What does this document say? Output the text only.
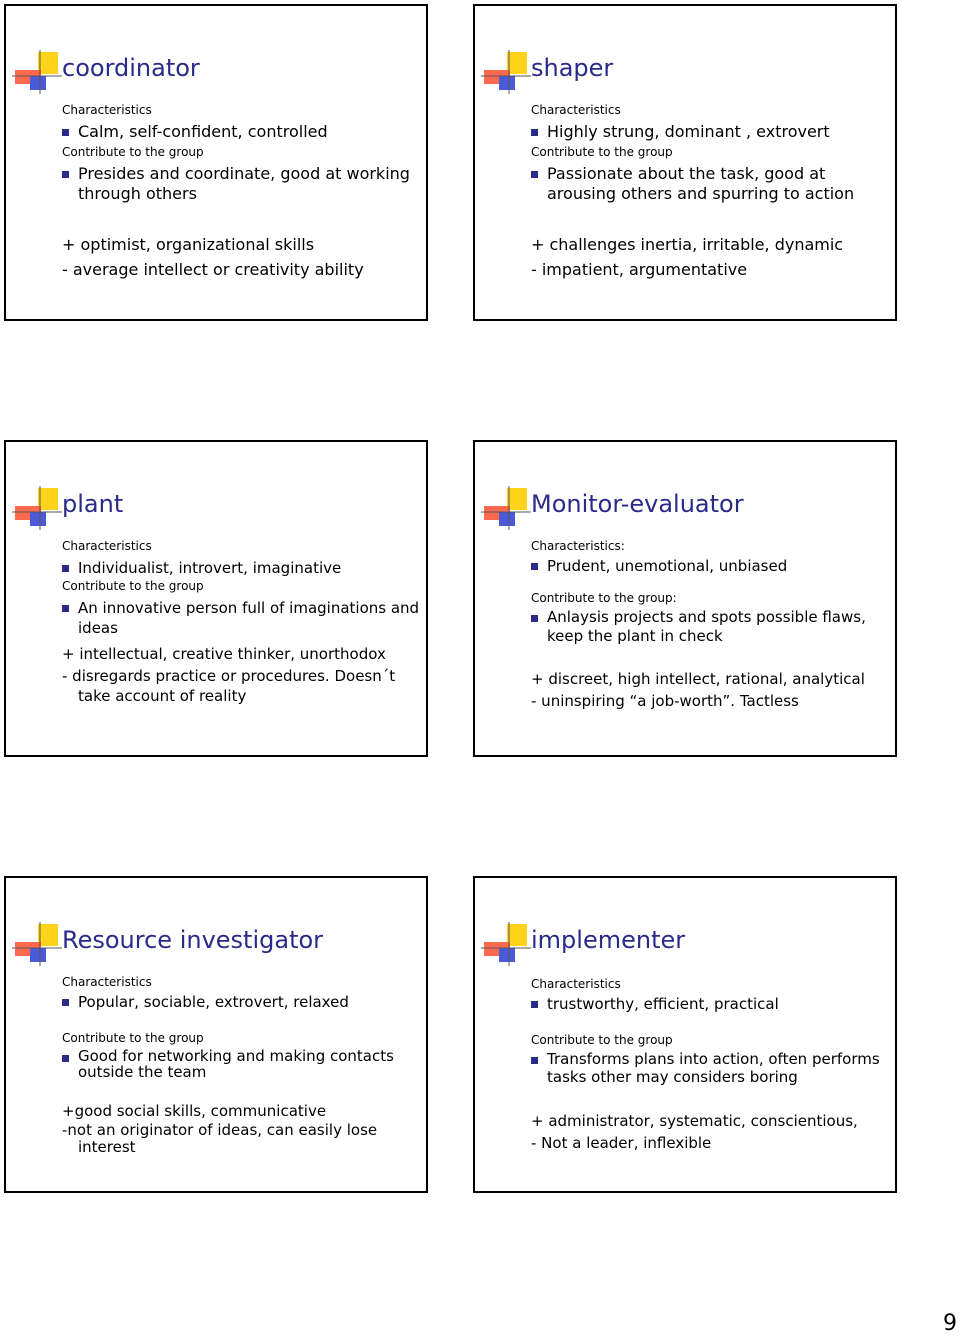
coordinator
Characteristics
Calm, self-confident, controlled
Contribute to the group
Presides and coordinate, good at working through others
+ optimist, organizational skills
- average intellect or creativity ability
shaper
Characteristics
Highly strung, dominant , extrovert
Contribute to the group
Passionate about the task, good at arousing others and spurring to action
+ challenges inertia, irritable, dynamic
- impatient, argumentative
plant
Characteristics
Individualist, introvert, imaginative
Contribute to the group
An innovative person full of imaginations and ideas
+ intellectual, creative thinker, unorthodox
- disregards practice or procedures. Doesn´t take account of reality
Monitor-evaluator
Characteristics:
Prudent, unemotional, unbiased
Contribute to the group:
Anlaysis projects and spots possible flaws, keep the plant in check
+ discreet, high intellect, rational, analytical
- uninspiring “a job-worth”. Tactless
Resource investigator
Characteristics
Popular, sociable, extrovert, relaxed
Contribute to the group
Good for networking and making contacts outside the team
+good social skills, communicative
-not an originator of ideas, can easily lose interest
implementer
Characteristics
trustworthy, efficient, practical
Contribute to the group
Transforms plans into action, often performs tasks other may considers boring
+ administrator, systematic, conscientious,
- Not a leader, inflexible
9
